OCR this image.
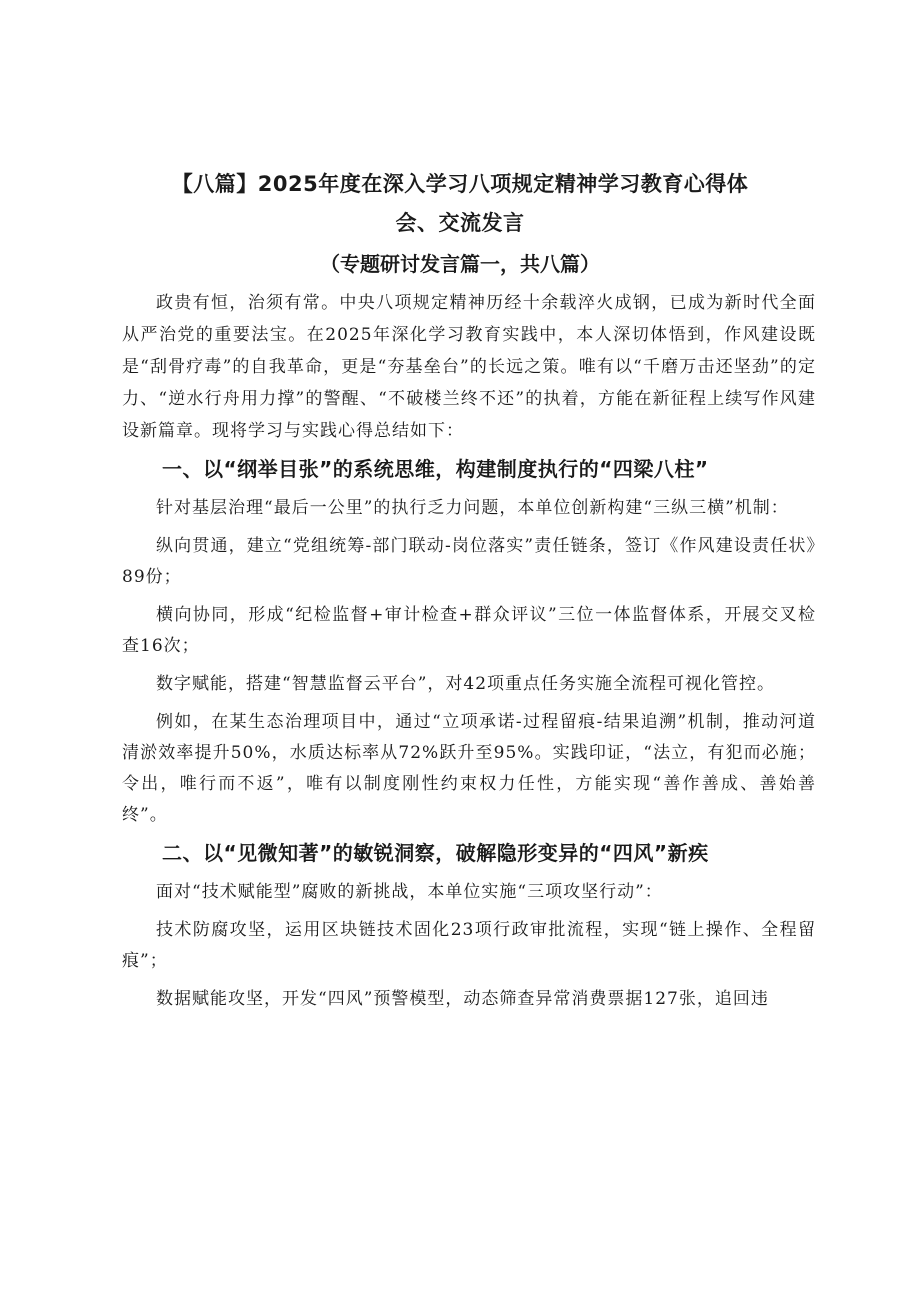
【八篇】2025年度在深入学习八项规定精神学习教育心得体
会、交流发言
（专题研讨发言篇一，共八篇）

政贵有恒，治须有常。中央八项规定精神历经十余载淬火成钢，已成为新时代全面从严治党的重要法宝。在2025年深化学习教育实践中，本人深切体悟到，作风建设既是“刮骨疗毒”的自我革命，更是“夯基垒台”的长远之策。唯有以“千磨万击还坚劲”的定力、“逆水行舟用力撑”的警醒、“不破楼兰终不还”的执着，方能在新征程上续写作风建设新篇章。现将学习与实践心得总结如下：

一、以“纲举目张”的系统思维，构建制度执行的“四梁八柱”

针对基层治理“最后一公里”的执行乏力问题，本单位创新构建“三纵三横”机制：

纵向贯通，建立“党组统筹-部门联动-岗位落实”责任链条，签订《作风建设责任状》89份；

横向协同，形成“纪检监督+审计检查+群众评议”三位一体监督体系，开展交叉检查16次；

数字赋能，搭建“智慧监督云平台”，对42项重点任务实施全流程可视化管控。

例如，在某生态治理项目中，通过“立项承诺-过程留痕-结果追溯”机制，推动河道清淤效率提升50%，水质达标率从72%跃升至95%。实践印证，“法立，有犯而必施；令出，唯行而不返”，唯有以制度刚性约束权力任性，方能实现“善作善成、善始善终”。

二、以“见微知著”的敏锐洞察，破解隐形变异的“四风”新疾

面对“技术赋能型”腐败的新挑战，本单位实施“三项攻坚行动”：

技术防腐攻坚，运用区块链技术固化23项行政审批流程，实现“链上操作、全程留痕”；

数据赋能攻坚，开发“四风”预警模型，动态筛查异常消费票据127张，追回违
